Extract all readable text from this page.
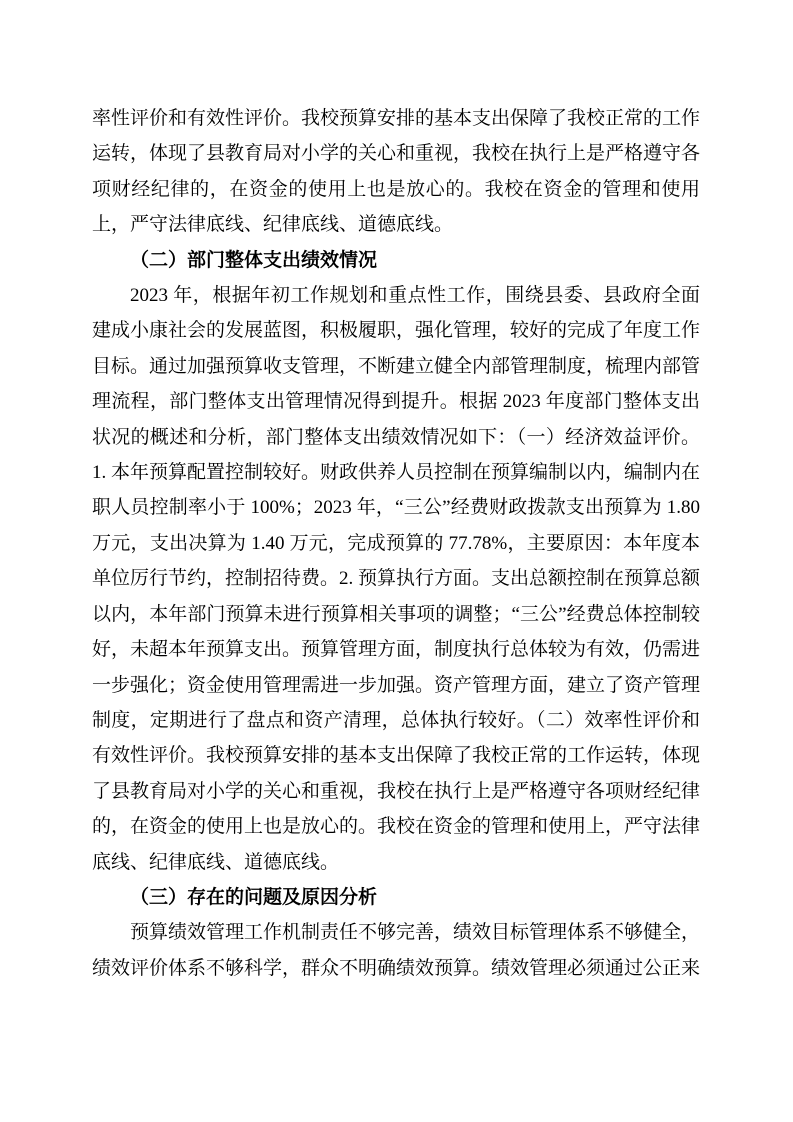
率性评价和有效性评价。我校预算安排的基本支出保障了我校正常的工作运转，体现了县教育局对小学的关心和重视，我校在执行上是严格遵守各项财经纪律的，在资金的使用上也是放心的。我校在资金的管理和使用上，严守法律底线、纪律底线、道德底线。

（二）部门整体支出绩效情况

2023 年，根据年初工作规划和重点性工作，围绕县委、县政府全面建成小康社会的发展蓝图，积极履职，强化管理，较好的完成了年度工作目标。通过加强预算收支管理，不断建立健全内部管理制度，梳理内部管理流程，部门整体支出管理情况得到提升。根据 2023 年度部门整体支出状况的概述和分析，部门整体支出绩效情况如下：（一）经济效益评价。1. 本年预算配置控制较好。财政供养人员控制在预算编制以内，编制内在职人员控制率小于 100%；2023 年，“三公”经费财政拨款支出预算为 1.80 万元，支出决算为 1.40 万元，完成预算的 77.78%，主要原因：本年度本单位厉行节约，控制招待费。2. 预算执行方面。支出总额控制在预算总额以内，本年部门预算未进行预算相关事项的调整；“三公”经费总体控制较好，未超本年预算支出。预算管理方面，制度执行总体较为有效，仍需进一步强化；资金使用管理需进一步加强。资产管理方面，建立了资产管理制度，定期进行了盘点和资产清理，总体执行较好。（二）效率性评价和有效性评价。我校预算安排的基本支出保障了我校正常的工作运转，体现了县教育局对小学的关心和重视，我校在执行上是严格遵守各项财经纪律的，在资金的使用上也是放心的。我校在资金的管理和使用上，严守法律底线、纪律底线、道德底线。

（三）存在的问题及原因分析

预算绩效管理工作机制责任不够完善，绩效目标管理体系不够健全，绩效评价体系不够科学，群众不明确绩效预算。绩效管理必须通过公正来
